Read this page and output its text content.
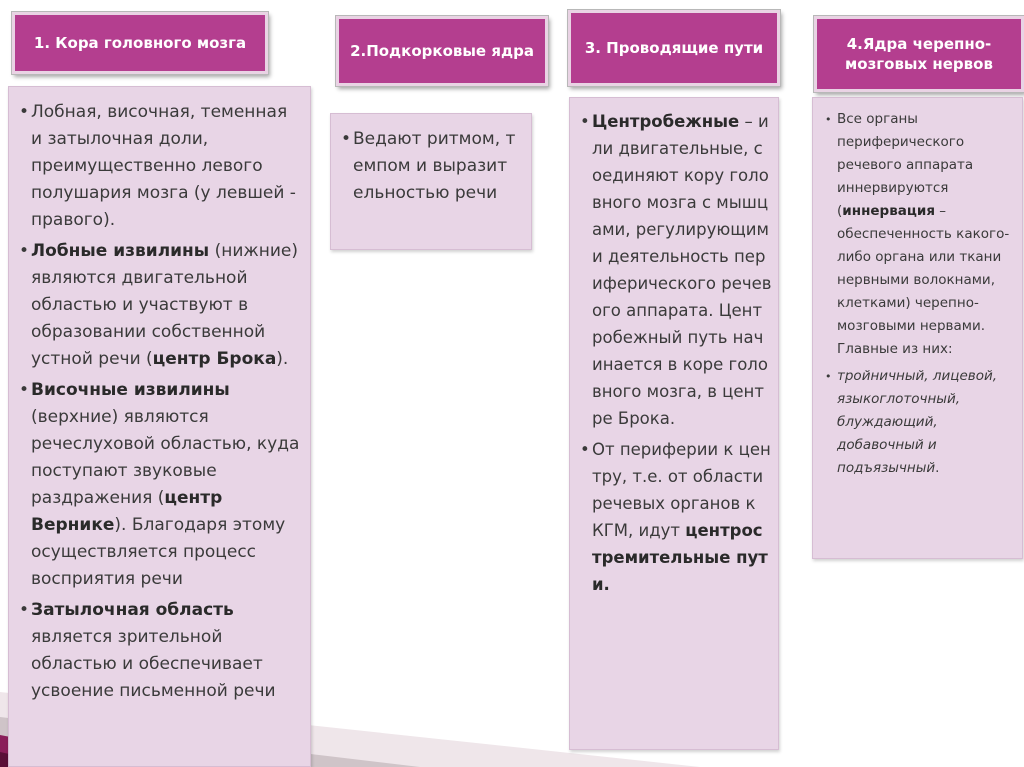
1. Кора головного мозга	2.Подкорковые ядра	3. Проводящие пути	4.Ядра черепно-мозговых нервов
• Лобная, височная, теменная и затылочная доли, преимущественно левого полушария мозга (у левшей - правого).
• Лобные извилины (нижние) являются двигательной областью и участвуют в образовании собственной устной речи (центр Брока).
• Височные извилины (верхние) являются речеслуховой областью, куда поступают звуковые раздражения (центр Вернике). Благодаря этому осуществляется процесс восприятия речи
• Затылочная область является зрительной областью и обеспечивает усвоение письменной речи
• Ведают ритмом, темпом и выразительностью речи
• Центробежные – или двигательные, соединяют кору головного мозга с мышцами, регулирующими деятельность периферического речевого аппарата. Центробежный путь начинается в коре головного мозга, в центре Брока.
• От периферии к центру, т.е. от области речевых органов к КГМ, идут центростремительные пути.
• Все органы периферического речевого аппарата иннервируются (иннервация – обеспеченность какого-либо органа или ткани нервными волокнами, клетками) черепно-мозговыми нервами. Главные из них:
• тройничный, лицевой, языкоглоточный, блуждающий, добавочный и подъязычный.
